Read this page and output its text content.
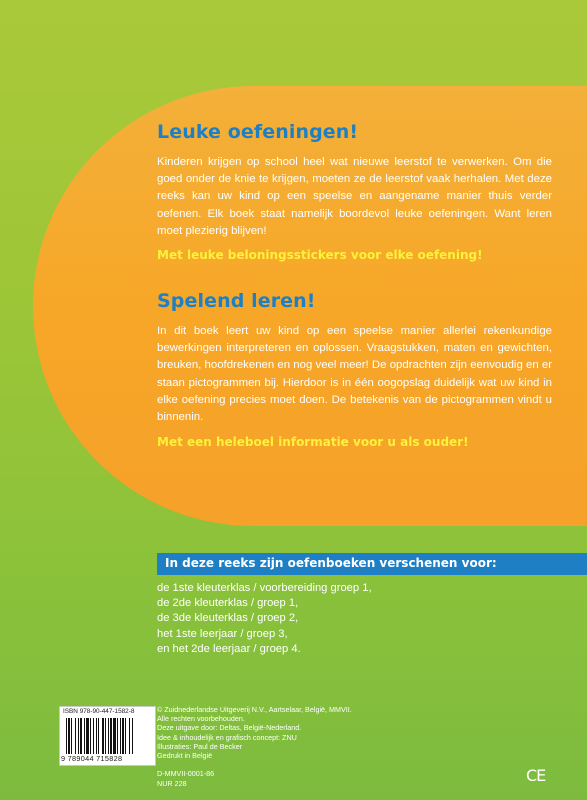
Leuke oefeningen!

Kinderen krijgen op school heel wat nieuwe leerstof te verwerken. Om die goed onder de knie te krijgen, moeten ze de leerstof vaak herhalen. Met deze reeks kan uw kind op een speelse en aangename manier thuis verder oefenen. Elk boek staat namelijk boordevol leuke oefeningen. Want leren moet plezierig blijven!

Met leuke beloningsstickers voor elke oefening!

Spelend leren!

In dit boek leert uw kind op een speelse manier allerlei rekenkundige bewerkingen interpreteren en oplossen. Vraagstukken, maten en gewichten, breuken, hoofdrekenen en nog veel meer! De opdrachten zijn eenvoudig en er staan pictogrammen bij. Hierdoor is in één oogopslag duidelijk wat uw kind in elke oefening precies moet doen. De betekenis van de pictogrammen vindt u binnenin.

Met een heleboel informatie voor u als ouder!

In deze reeks zijn oefenboeken verschenen voor:
de 1ste kleuterklas / voorbereiding groep 1,
de 2de kleuterklas / groep 1,
de 3de kleuterklas / groep 2,
het 1ste leerjaar / groep 3,
en het 2de leerjaar / groep 4.
ISBN 978-90-447-1582-8
9 789044 715828
© Zuidnederlandse Uitgeverij N.V., Aartselaar, België, MMVII.
Alle rechten voorbehouden.
Deze uitgave door: Deltas, België-Nederland.
Idee & inhoudelijk en grafisch concept: ZNU
Illustraties: Paul de Becker
Gedrukt in België

D-MMVII-0001-86
NUR 228	CE
